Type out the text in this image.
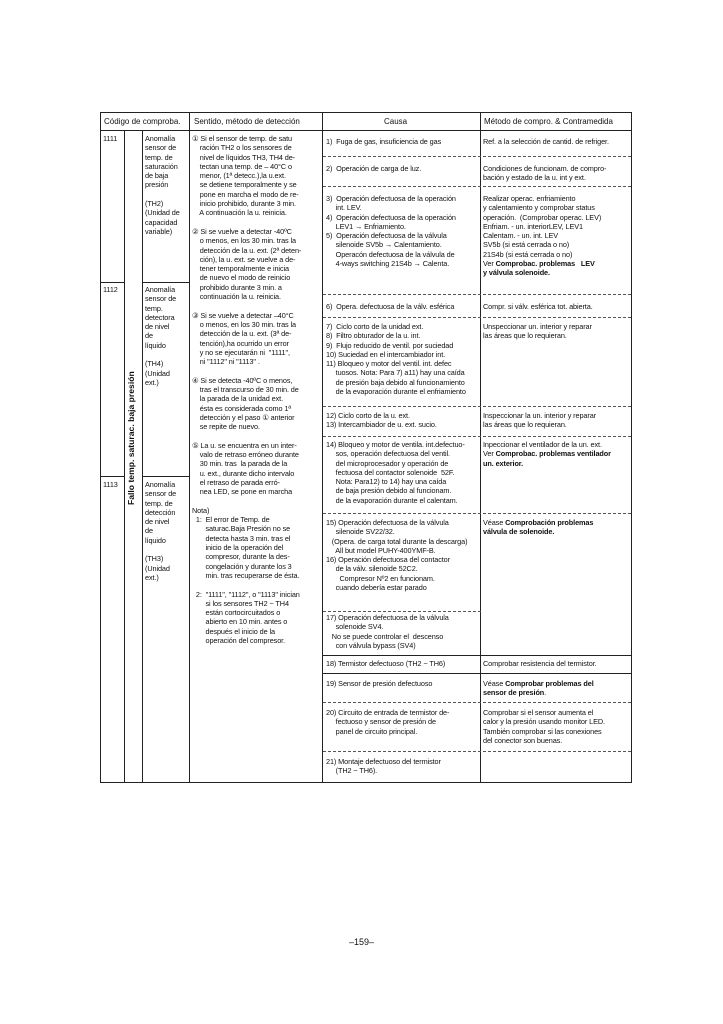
Código de comproba. Sentido, método de detección	Causa	Método de compro. & Contramedida
1111
1112
1113 Fallo temp. saturac. baja presión
Anomalía
sensor de
temp. de
saturación
de baja
presión

(TH2)
(Unidad de
capacidad
variable)
Anomalía
sensor de
temp.
detectora
de nivel
de
líquido

(TH4)
(Unidad
ext.)
Anomalía
sensor de
temp. de
detección
de nivel
de
líquido

(TH3)
(Unidad
ext.)
① Si el sensor de temp. de satu
ración TH2 o los sensores de
nivel de líquidos TH3, TH4 de-
tectan una temp. de – 40°C o
menor, (1ª detecc.),la u.ext.
se detiene temporalmente y se
pone en marcha el modo de re-
inicio prohibido, durante 3 min.
A continuación la u. reinicia.

② Si se vuelve a detectar -40ºC
o menos, en los 30 min. tras la
detección de la u. ext. (2ª deten-
ción), la u. ext. se vuelve a de-
tener temporalmente e inicia
de nuevo el modo de reinicio
prohibido durante 3 min. a
continuación la u. reinicia.

③ Si se vuelve a detectar –40°C
o menos, en los 30 min. tras la
detección de la u. ext. (3ª de-
tención),ha ocurrido un error
y no se ejecutarán ni  "1111",
ni "1112" ni "1113" .

④ Si se detecta -40ºC o menos,
tras el transcurso de 30 min. de
la parada de la unidad ext.
ésta es considerada como 1ª
detección y el paso ① anterior
se repite de nuevo.

⑤ La u. se encuentra en un inter-
valo de retraso erróneo durante
30 min. tras  la parada de la
u. ext., durante dicho intervalo
el retraso de parada erró-
nea LED, se pone en marcha

Nota)
1:  El error de Temp. de
saturac.Baja Presión no se
detecta hasta 3 min. tras el
inicio de la operación del
compresor, durante la des-
congelación y durante los 3
min. tras recuperarse de ésta.

2:  "1111", "1112", o "1113" inician
si los sensores TH2 ~ TH4
están cortocircuitados o
abierto en 10 min. antes o
después el inicio de la
operación del compresor.
1)  Fuga de gas, insuficiencia de gas
2)  Operación de carga de luz.
3)  Operación defectuosa de la operación
int. LEV.
4)  Operación defectuosa de la operación
LEV1 → Enfriamiento.
5)  Operación defectuosa de la válvula
silenoide SV5b → Calentamiento.
Operacón defectuosa de la válvula de
4-ways switching 21S4b → Calenta.
6)  Opera. defectuosa de la válv. esférica
7)  Ciclo corto de la unidad ext.
8)  Filtro obturador de la u. int.
9)  Flujo reducido de ventil. por suciedad
10) Suciedad en el intercambiador int.
11) Bloqueo y motor del ventil. int. defec
tuosos. Nota: Para 7) a11) hay una caída
de presión baja debido al funcionamiento
de la evaporación durante el enfriamiento
12) Ciclo corto de la u. ext.
13) Intercambiador de u. ext. sucio.
14) Bloqueo y motor de ventila. int.defectuo-
sos, operación defectuosa del ventil.
del microprocesador y operación de
fectuosa del contactor solenoide  52F.
Nota: Para12) to 14) hay una caída
de baja presión debido al funcionam.
de la evaporación durante el calentam.
15) Operación defectuosa de la válvula
silenoide SV22/32.
(Opera. de carga total durante la descarga)
All but model PUHY-400YMF-B.
16) Operación defectuosa del contactor
de la válv. silenoide 52C2.
Compresor Nº2 en funcionam.
cuando debería estar parado
17) Operación defectuosa de la válvula
solenoide SV4.
No se puede controlar el  descenso
con válvula bypass (SV4)
18) Termistor defectuoso (TH2 ~ TH6)
19) Sensor de presión defectuoso
20) Circuito de entrada de termistor de-
fectuoso y sensor de presión de
panel de circuito principal.
21) Montaje defectuoso del termistor
(TH2 ~ TH6).
Ref. a la selección de cantid. de refriger.
Condiciones de funcionam. de compro-
bación y estado de la u. int y ext.
Realizar operac. enfriamiento
y calentamiento y comprobar status
operación.  (Comprobar operac. LEV)
Enfriam. - un. interiorLEV, LEV1
Calentam. - un. int. LEV
SV5b (si está cerrada o no)
21S4b (si está cerrada o no)
Ver Comprobac. problemas   LEV
y válvula solenoide.
Compr. si válv. esférica tot. abierta.
Unspeccionar un. interior y reparar
las áreas que lo requieran.
Inspeccionar la un. interior y reparar
las áreas que lo requieran.
Inpeccionar el ventilador de la un. ext.
Ver Comprobac. problemas ventilador
un. exterior.
Véase Comprobación problemas
válvula de solenoide.
Comprobar resistencia del termistor.
Véase Comprobar problemas del
sensor de presión.
Comprobar si el sensor aumenta el
calor y la presión usando monitor LED.
También comprobar si las conexiones
del conector son buenas.
–159–
